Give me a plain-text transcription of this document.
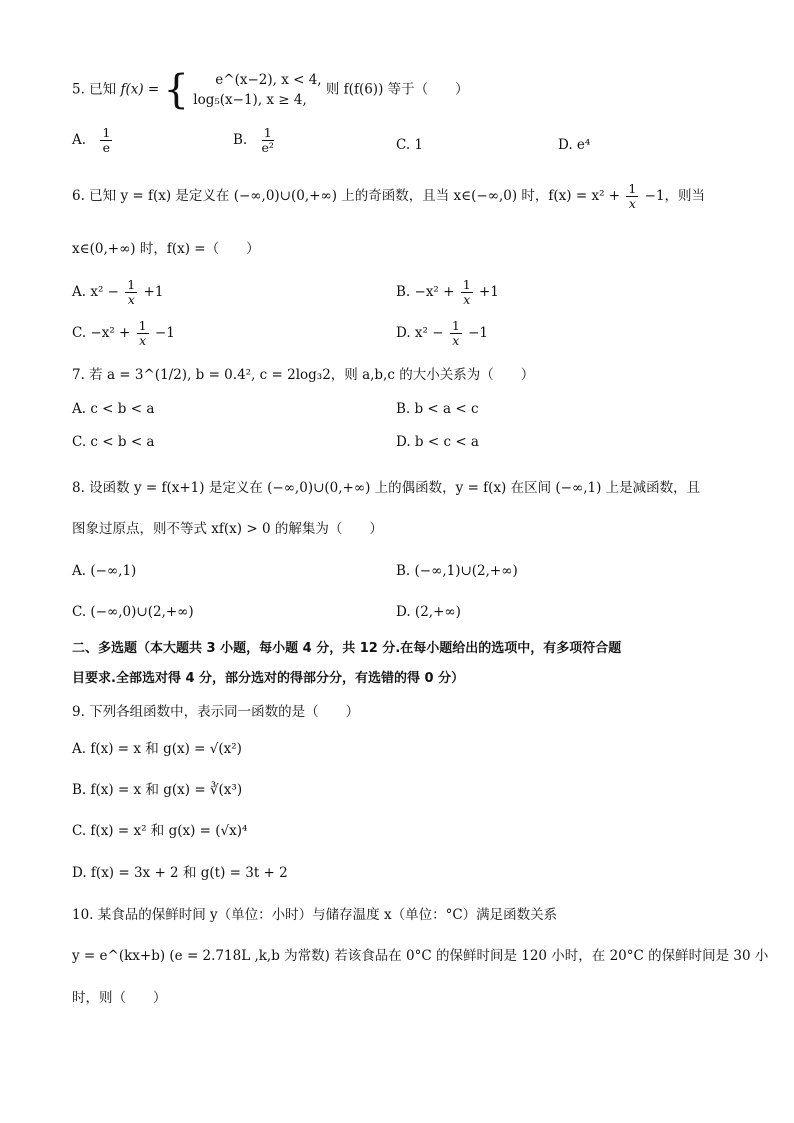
5. 已知 f(x) = {	e^(x−2), x < 4,
log₅(x−1), x ≥ 4,
则 f(f(6)) 等于（　　）
A. $\frac{1}{e}$	B. $\frac{1}{\text{e²}}$	C. 1	D. e⁴
6. 已知 y = f(x) 是定义在 (−∞,0)∪(0,+∞) 上的奇函数，且当 x∈(−∞,0) 时，$f(x) = x^2 + \frac{1}{x} -1$，则当
x∈(0,+∞) 时，f(x) =（　　）
A. $x^2 - \frac{1}{x} +1$	B. $-x^2 + \frac{1}{x} +1$
C. $-x^2 + \frac{1}{x} -1$	D. $x^2 - \frac{1}{x} -1$
7. 若 a = 3^(1/2), b = 0.4², c = 2log₃2，则 a,b,c 的大小关系为（　　）
A. c < b < a	B. b < a < c
C. c < b < a	D. b < c < a
8. 设函数 y = f(x+1) 是定义在 (−∞,0)∪(0,+∞) 上的偶函数，y = f(x) 在区间 (−∞,1) 上是减函数，且
图象过原点，则不等式 xf(x) > 0 的解集为（　　）
A. (−∞,1)	B. (−∞,1)∪(2,+∞)
C. (−∞,0)∪(2,+∞)	D. (2,+∞)
二、多选题（本大题共 3 小题，每小题 4 分，共 12 分.在每小题给出的选项中，有多项符合题
目要求.全部选对得 4 分，部分选对的得部分分，有选错的得 0 分）
9. 下列各组函数中，表示同一函数的是（　　）
A. f(x) = x 和 g(x) = √(x²)
B. f(x) = x 和 g(x) = ∛(x³)
C. f(x) = x² 和 g(x) = (√x)⁴
D. f(x) = 3x + 2 和 g(t) = 3t + 2
10. 某食品的保鲜时间 y（单位：小时）与储存温度 x（单位：°C）满足函数关系
y = e^(kx+b) (e = 2.718L ,k,b 为常数) 若该食品在 0°C 的保鲜时间是 120 小时，在 20°C 的保鲜时间是 30 小
时，则（　　）
